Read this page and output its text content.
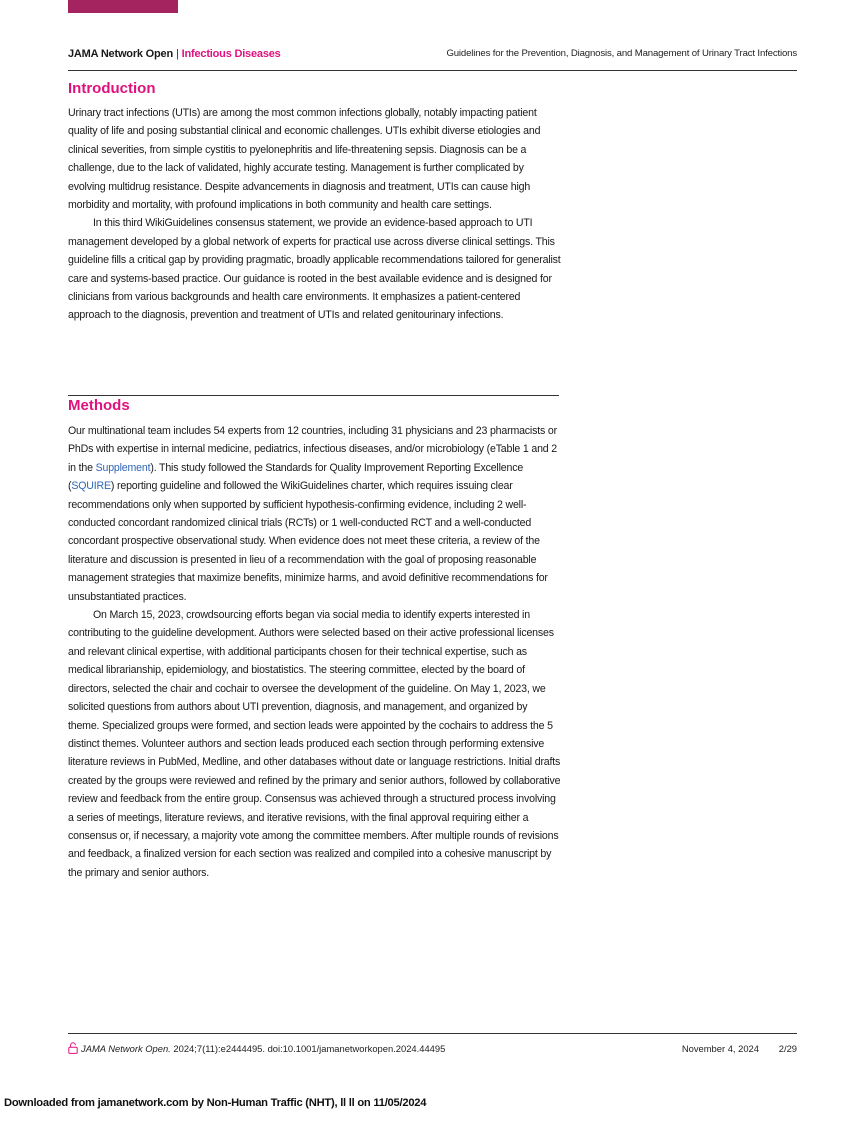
JAMA Network Open | Infectious Diseases	Guidelines for the Prevention, Diagnosis, and Management of Urinary Tract Infections
Introduction

Urinary tract infections (UTIs) are among the most common infections globally, notably impacting patient quality of life and posing substantial clinical and economic challenges. UTIs exhibit diverse etiologies and clinical severities, from simple cystitis to pyelonephritis and life-threatening sepsis. Diagnosis can be a challenge, due to the lack of validated, highly accurate testing. Management is further complicated by evolving multidrug resistance. Despite advancements in diagnosis and treatment, UTIs can cause high morbidity and mortality, with profound implications in both community and health care settings.

In this third WikiGuidelines consensus statement, we provide an evidence-based approach to UTI management developed by a global network of experts for practical use across diverse clinical settings. This guideline fills a critical gap by providing pragmatic, broadly applicable recommendations tailored for generalist care and systems-based practice. Our guidance is rooted in the best available evidence and is designed for clinicians from various backgrounds and health care environments. It emphasizes a patient-centered approach to the diagnosis, prevention and treatment of UTIs and related genitourinary infections.

Methods

Our multinational team includes 54 experts from 12 countries, including 31 physicians and 23 pharmacists or PhDs with expertise in internal medicine, pediatrics, infectious diseases, and/or microbiology (eTable 1 and 2 in the Supplement). This study followed the Standards for Quality Improvement Reporting Excellence (SQUIRE) reporting guideline and followed the WikiGuidelines charter, which requires issuing clear recommendations only when supported by sufficient hypothesis-confirming evidence, including 2 well-conducted concordant randomized clinical trials (RCTs) or 1 well-conducted RCT and a well-conducted concordant prospective observational study. When evidence does not meet these criteria, a review of the literature and discussion is presented in lieu of a recommendation with the goal of proposing reasonable management strategies that maximize benefits, minimize harms, and avoid definitive recommendations for unsubstantiated practices.

On March 15, 2023, crowdsourcing efforts began via social media to identify experts interested in contributing to the guideline development. Authors were selected based on their active professional licenses and relevant clinical expertise, with additional participants chosen for their technical expertise, such as medical librarianship, epidemiology, and biostatistics. The steering committee, elected by the board of directors, selected the chair and cochair to oversee the development of the guideline. On May 1, 2023, we solicited questions from authors about UTI prevention, diagnosis, and management, and organized by theme. Specialized groups were formed, and section leads were appointed by the cochairs to address the 5 distinct themes. Volunteer authors and section leads produced each section through performing extensive literature reviews in PubMed, Medline, and other databases without date or language restrictions. Initial drafts created by the groups were reviewed and refined by the primary and senior authors, followed by collaborative review and feedback from the entire group. Consensus was achieved through a structured process involving a series of meetings, literature reviews, and iterative revisions, with the final approval requiring either a consensus or, if necessary, a majority vote among the committee members. After multiple rounds of revisions and feedback, a finalized version for each section was realized and compiled into a cohesive manuscript by the primary and senior authors.

JAMA Network Open. 2024;7(11):e2444495. doi:10.1001/jamanetworkopen.2024.44495	November 4, 2024 2/29
Downloaded from jamanetwork.com by Non-Human Traffic (NHT), ll ll on 11/05/2024
